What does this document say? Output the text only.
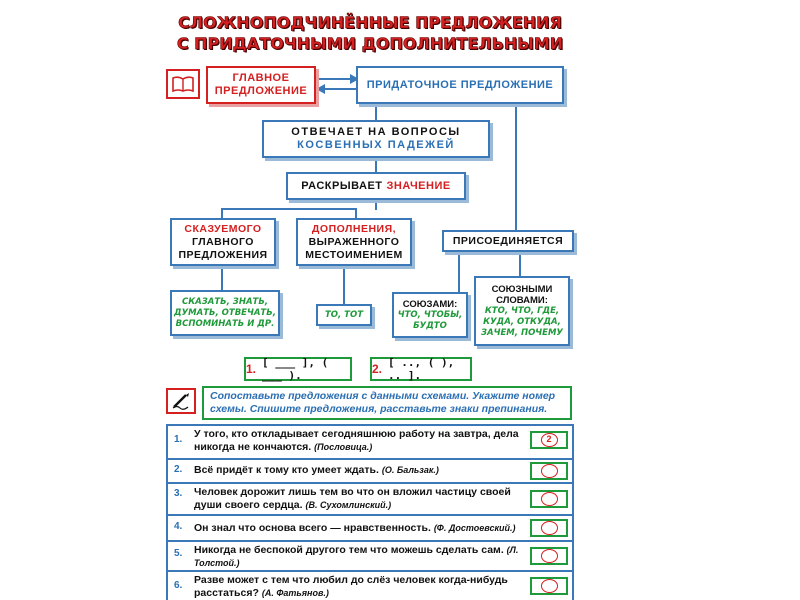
СЛОЖНОПОДЧИНЁННЫЕ ПРЕДЛОЖЕНИЯ
С ПРИДАТОЧНЫМИ ДОПОЛНИТЕЛЬНЫМИ
ГЛАВНОЕ
ПРЕДЛОЖЕНИЕ
ПРИДАТОЧНОЕ ПРЕДЛОЖЕНИЕ
ОТВЕЧАЕТ НА ВОПРОСЫ
КОСВЕННЫХ ПАДЕЖЕЙ
РАСКРЫВАЕТ ЗНАЧЕНИЕ
СКАЗУЕМОГО
ГЛАВНОГО
ПРЕДЛОЖЕНИЯ
ДОПОЛНЕНИЯ,
ВЫРАЖЕННОГО
МЕСТОИМЕНИЕМ
ПРИСОЕДИНЯЕТСЯ
СКАЗАТЬ, ЗНАТЬ,
ДУМАТЬ, ОТВЕЧАТЬ,
ВСПОМИНАТЬ И ДР.
ТО, ТОТ
СОЮЗАМИ:
ЧТО, ЧТОБЫ,
БУДТО
СОЮЗНЫМИ
СЛОВАМИ:
КТО, ЧТО, ГДЕ,
КУДА, ОТКУДА,
ЗАЧЕМ, ПОЧЕМУ
1. [ ___ ], ( ___ ).	2. [ .., ( ), .. ].
Сопоставьте предложения с данными схемами. Укажите номер схемы. Спишите предложения, расставьте знаки препинания.
1. У того, кто откладывает сегодняшнюю работу на завтра, дела никогда не кончаются. (Пословица.)
2
2. Всё придёт к тому кто умеет ждать. (О. Бальзак.)
3. Человек дорожит лишь тем во что он вложил частицу своей души своего сердца. (В. Сухомлинский.)
4. Он знал что основа всего — нравственность. (Ф. Достоевский.)
5. Никогда не беспокой другого тем что можешь сделать сам. (Л. Толстой.)
6. Разве может с тем что любил до слёз человек когда-нибудь расстаться? (А. Фатьянов.)
